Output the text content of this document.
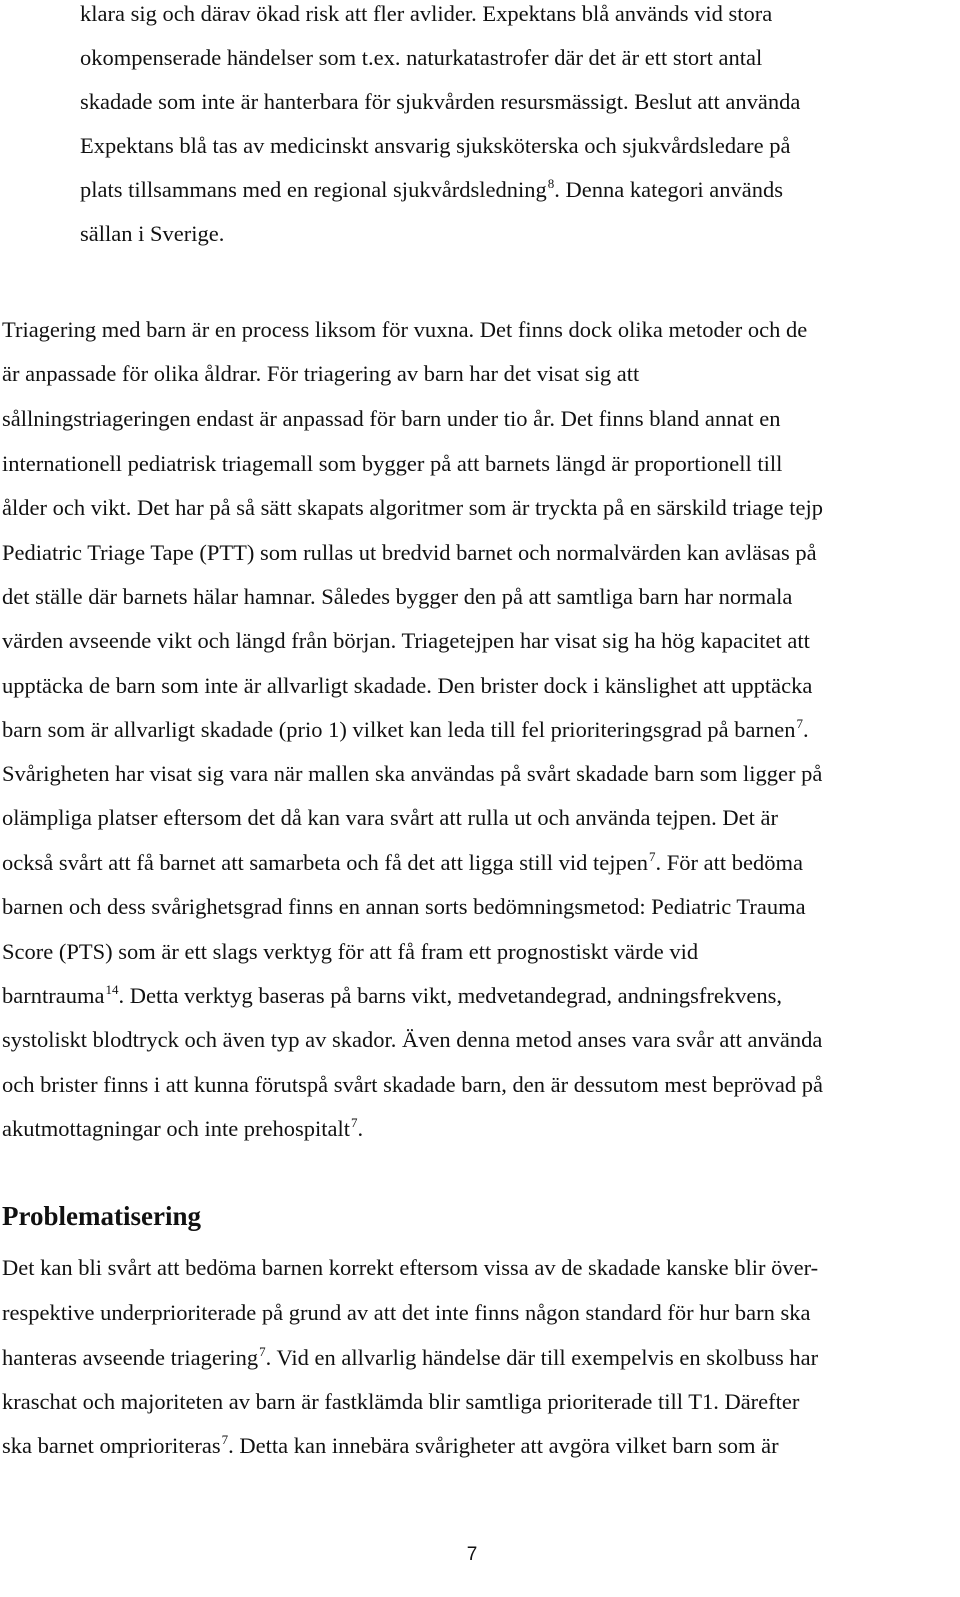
klara sig och därav ökad risk att fler avlider. Expektans blå används vid stora
okompenserade händelser som t.ex. naturkatastrofer där det är ett stort antal
skadade som inte är hanterbara för sjukvården resursmässigt. Beslut att använda
Expektans blå tas av medicinskt ansvarig sjuksköterska och sjukvårdsledare på
plats tillsammans med en regional sjukvårdsledning$^8$. Denna kategori används
sällan i Sverige.
Triagering med barn är en process liksom för vuxna. Det finns dock olika metoder och de
är anpassade för olika åldrar. För triagering av barn har det visat sig att
sållningstriageringen endast är anpassad för barn under tio år. Det finns bland annat en
internationell pediatrisk triagemall som bygger på att barnets längd är proportionell till
ålder och vikt. Det har på så sätt skapats algoritmer som är tryckta på en särskild triage tejp
Pediatric Triage Tape (PTT) som rullas ut bredvid barnet och normalvärden kan avläsas på
det ställe där barnets hälar hamnar. Således bygger den på att samtliga barn har normala
värden avseende vikt och längd från början. Triagetejpen har visat sig ha hög kapacitet att
upptäcka de barn som inte är allvarligt skadade. Den brister dock i känslighet att upptäcka
barn som är allvarligt skadade (prio 1) vilket kan leda till fel prioriteringsgrad på barnen$^7$.
Svårigheten har visat sig vara när mallen ska användas på svårt skadade barn som ligger på
olämpliga platser eftersom det då kan vara svårt att rulla ut och använda tejpen. Det är
också svårt att få barnet att samarbeta och få det att ligga still vid tejpen$^7$. För att bedöma
barnen och dess svårighetsgrad finns en annan sorts bedömningsmetod: Pediatric Trauma
Score (PTS) som är ett slags verktyg för att få fram ett prognostiskt värde vid
barntrauma$^{14}$. Detta verktyg baseras på barns vikt, medvetandegrad, andningsfrekvens,
systoliskt blodtryck och även typ av skador. Även denna metod anses vara svår att använda
och brister finns i att kunna förutspå svårt skadade barn, den är dessutom mest beprövad på
akutmottagningar och inte prehospitalt$^7$.
Problematisering
Det kan bli svårt att bedöma barnen korrekt eftersom vissa av de skadade kanske blir över-
respektive underprioriterade på grund av att det inte finns någon standard för hur barn ska
hanteras avseende triagering$^7$. Vid en allvarlig händelse där till exempelvis en skolbuss har
kraschat och majoriteten av barn är fastklämda blir samtliga prioriterade till T1. Därefter
ska barnet omprioriteras$^7$. Detta kan innebära svårigheter att avgöra vilket barn som är
7
